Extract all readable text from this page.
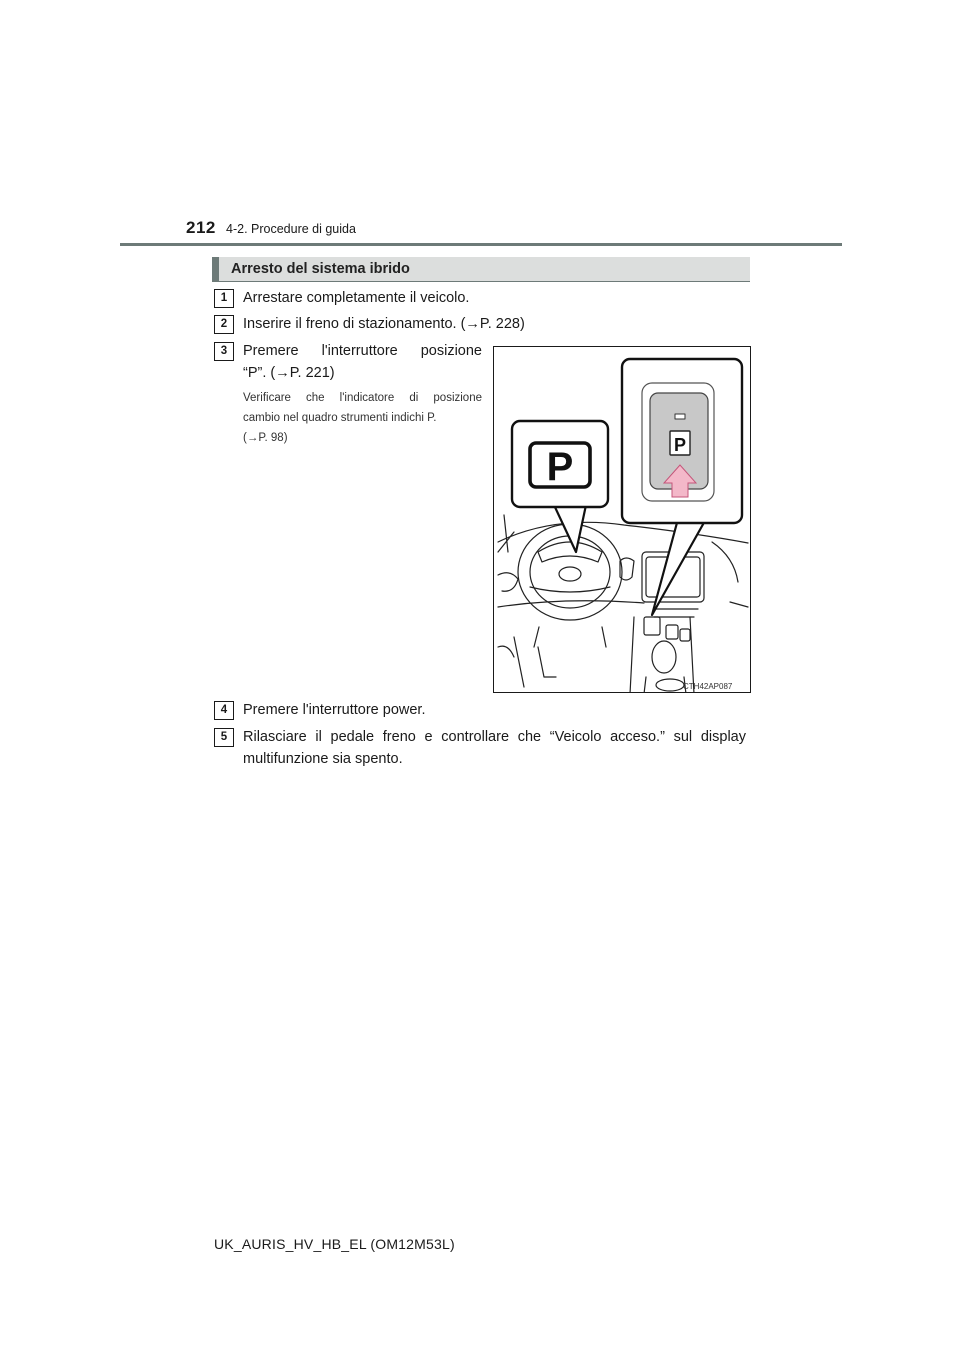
212 4-2. Procedure di guida
Arresto del sistema ibrido
1	Arrestare completamente il veicolo.
2	Inserire il freno di stazionamento. (→P. 228)
3	Premere l'interruttore posizione
“P”. (→P. 221)
Verificare che l'indicatore di posizione
cambio nel quadro strumenti indichi P.
(→P. 98)
P	P
CTH42AP087
4	Premere l'interruttore power.
5	Rilasciare il pedale freno e controllare che “Veicolo acceso.” sul display
multifunzione sia spento.
UK_AURIS_HV_HB_EL (OM12M53L)
